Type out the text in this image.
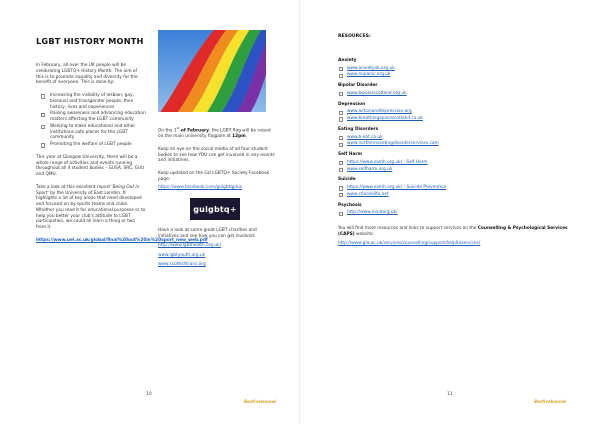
LGBT HISTORY MONTH

In February, all over the UK people will be celebrating LGBTQ+ History Month. The aim of this is to promote equality and diversity for the benefit of everyone. This is done by:

Increasing the visibility of lesbian, gay, bisexual and transgender people, their history, lives and experiences
Raising awareness and advancing education matters affecting the LGBT community
Working to make educational and other institutions safe places for the LGBT community
Promoting the welfare of LGBT people

This year at Glasgow University, there will be a whole range of activities and events running throughout all 4 student bodies – GUSA, SRC, GUU and QMU.

Take a look at this excellent report 'Being Out in Sport' by the University of East London. It highlights a lot of key areas that need developed and focused on by sports teams and clubs. Whether you read it for educational purposes or to help you better your club's attitude to LGBT participation, we could all learn a thing or two from it.

https://www.uel.ac.uk/global/final%20out%20in%20sport_new_web.pdf

On the 1st of February, the LGBT flag will be raised on the main university flagpole at 12pm.

Keep an eye on the social media of all four student bodies to see how YOU can get involved in any events and initiatives.

Keep updated on the GU LGBTQ+ Society Facebook page:

https://www.facebook.com/gulgbtqplus

gulgbtq+

Have a look at some great LGBT charities and initiatives and see how you can get involved:

http://www.lgbthealth.org.uk/
www.lgbtyouth.org.uk
www.scottishtrans.org
10
Bestivalsound
RESOURCES:
Anxiety
www.anxietyuk.org.uk
www.nopanic.org.uk
Bipolar Disorder
www.bipolarscotland.org.uk
Depression
www.actiononddepression.org
www.breathingspacescotland.co.uk
Eating Disorders
www.b-eat.co.uk
www.northernseatingdisorderservices.com
Self Harm
https://www.samh.org.uk/ - Self Harm
www.selfharm.org.uk
Suicide
https://www.samh.org.uk/ - Suicide Prevention
www.chooselife.net
Psychosis
http://www.mindorg.uk/

You will find more resources and links to support services on the Counselling & Psychological Services (CAPS) website:

http://www.gla.ac.uk/services/counselling/support/helpfulservices/

11
Bestivalsound
